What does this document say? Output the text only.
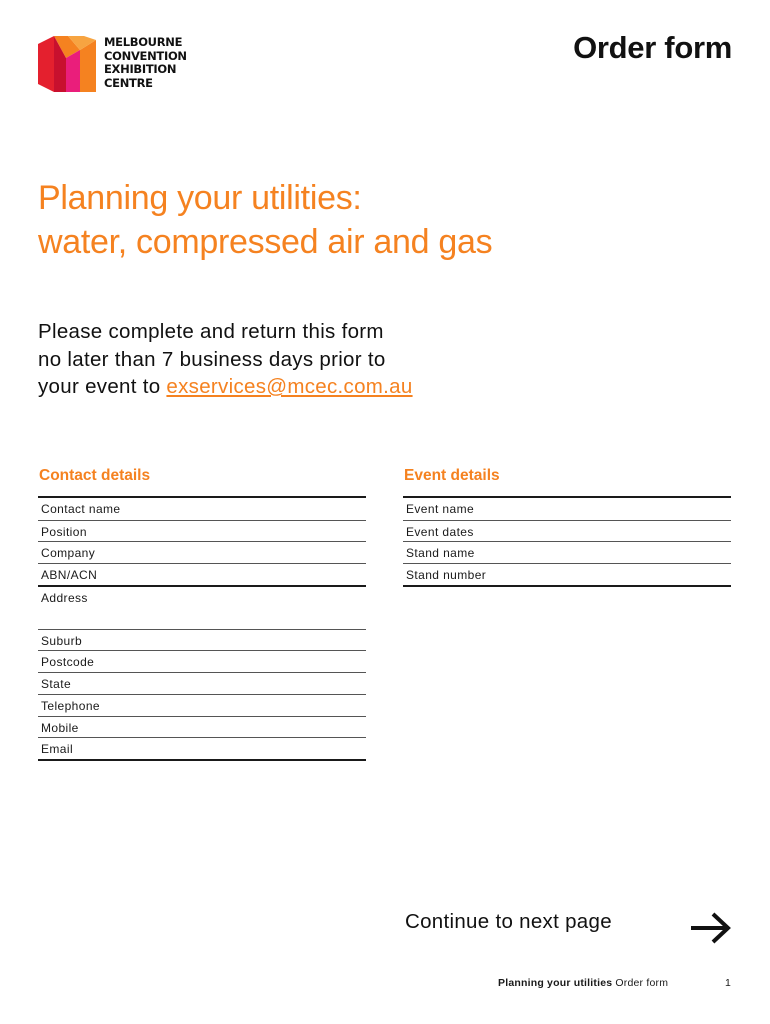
MELBOURNE
CONVENTION
EXHIBITION
CENTRE
Order form
Planning your utilities:
water, compressed air and gas
Please complete and return this form
no later than 7 business days prior to
your event to exservices@mcec.com.au
Contact details
Contact name
Position
Company
ABN/ACN
Address
Suburb
Postcode
State
Telephone
Mobile
Email
Event details
Event name
Event dates
Stand name
Stand number
Continue to next page
Planning your utilities Order form	1
